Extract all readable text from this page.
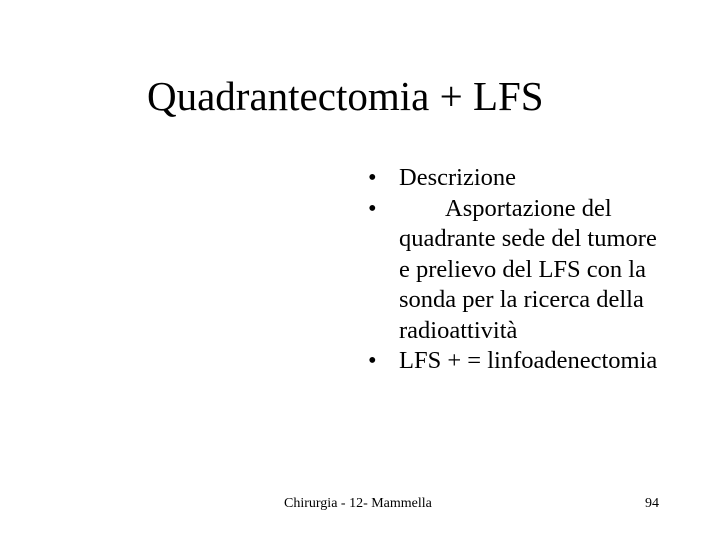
Quadrantectomia + LFS
• Descrizione
•	Asportazione del quadrante sede del tumore e prelievo del LFS con la sonda per la ricerca della radioattività
• LFS + = linfoadenectomia
Chirurgia - 12- Mammella	94
